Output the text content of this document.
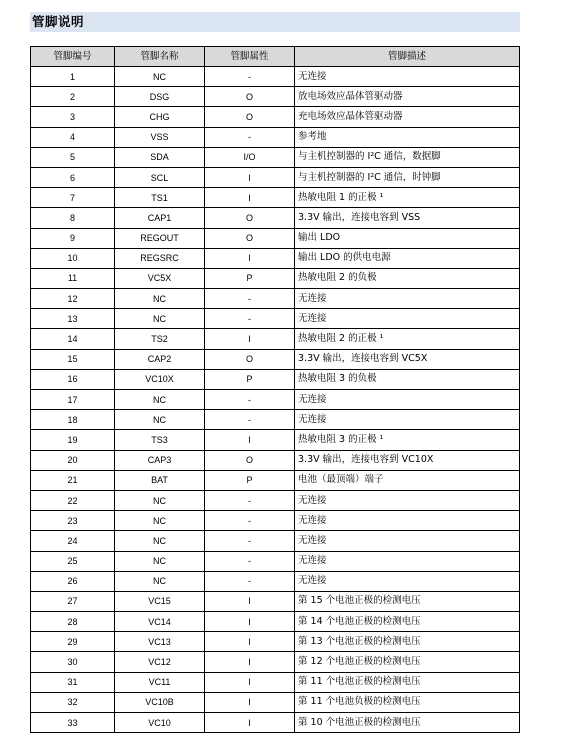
管脚说明
管脚编号	管脚名称	管脚属性	管脚描述
1	NC	-	无连接
2	DSG	O	放电场效应晶体管驱动器
3	CHG	O	充电场效应晶体管驱动器
4	VSS	-	参考地
5	SDA	I/O	与主机控制器的 I²C 通信，数据脚
6	SCL	I	与主机控制器的 I²C 通信，时钟脚
7	TS1	I	热敏电阻 1 的正极 ¹
8	CAP1	O	3.3V 输出，连接电容到 VSS
9	REGOUT	O	输出 LDO
10	REGSRC	I	输出 LDO 的供电电源
11	VC5X	P	热敏电阻 2 的负极
12	NC	-	无连接
13	NC	-	无连接
14	TS2	I	热敏电阻 2 的正极 ¹
15	CAP2	O	3.3V 输出，连接电容到 VC5X
16	VC10X	P	热敏电阻 3 的负极
17	NC	-	无连接
18	NC	-	无连接
19	TS3	I	热敏电阻 3 的正极 ¹
20	CAP3	O	3.3V 输出，连接电容到 VC10X
21	BAT	P	电池（最顶端）端子
22	NC	-	无连接
23	NC	-	无连接
24	NC	-	无连接
25	NC	-	无连接
26	NC	-	无连接
27	VC15	I	第 15 个电池正极的检测电压
28	VC14	I	第 14 个电池正极的检测电压
29	VC13	I	第 13 个电池正极的检测电压
30	VC12	I	第 12 个电池正极的检测电压
31	VC11	I	第 11 个电池正极的检测电压
32	VC10B	I	第 11 个电池负极的检测电压
33	VC10	I	第 10 个电池正极的检测电压
